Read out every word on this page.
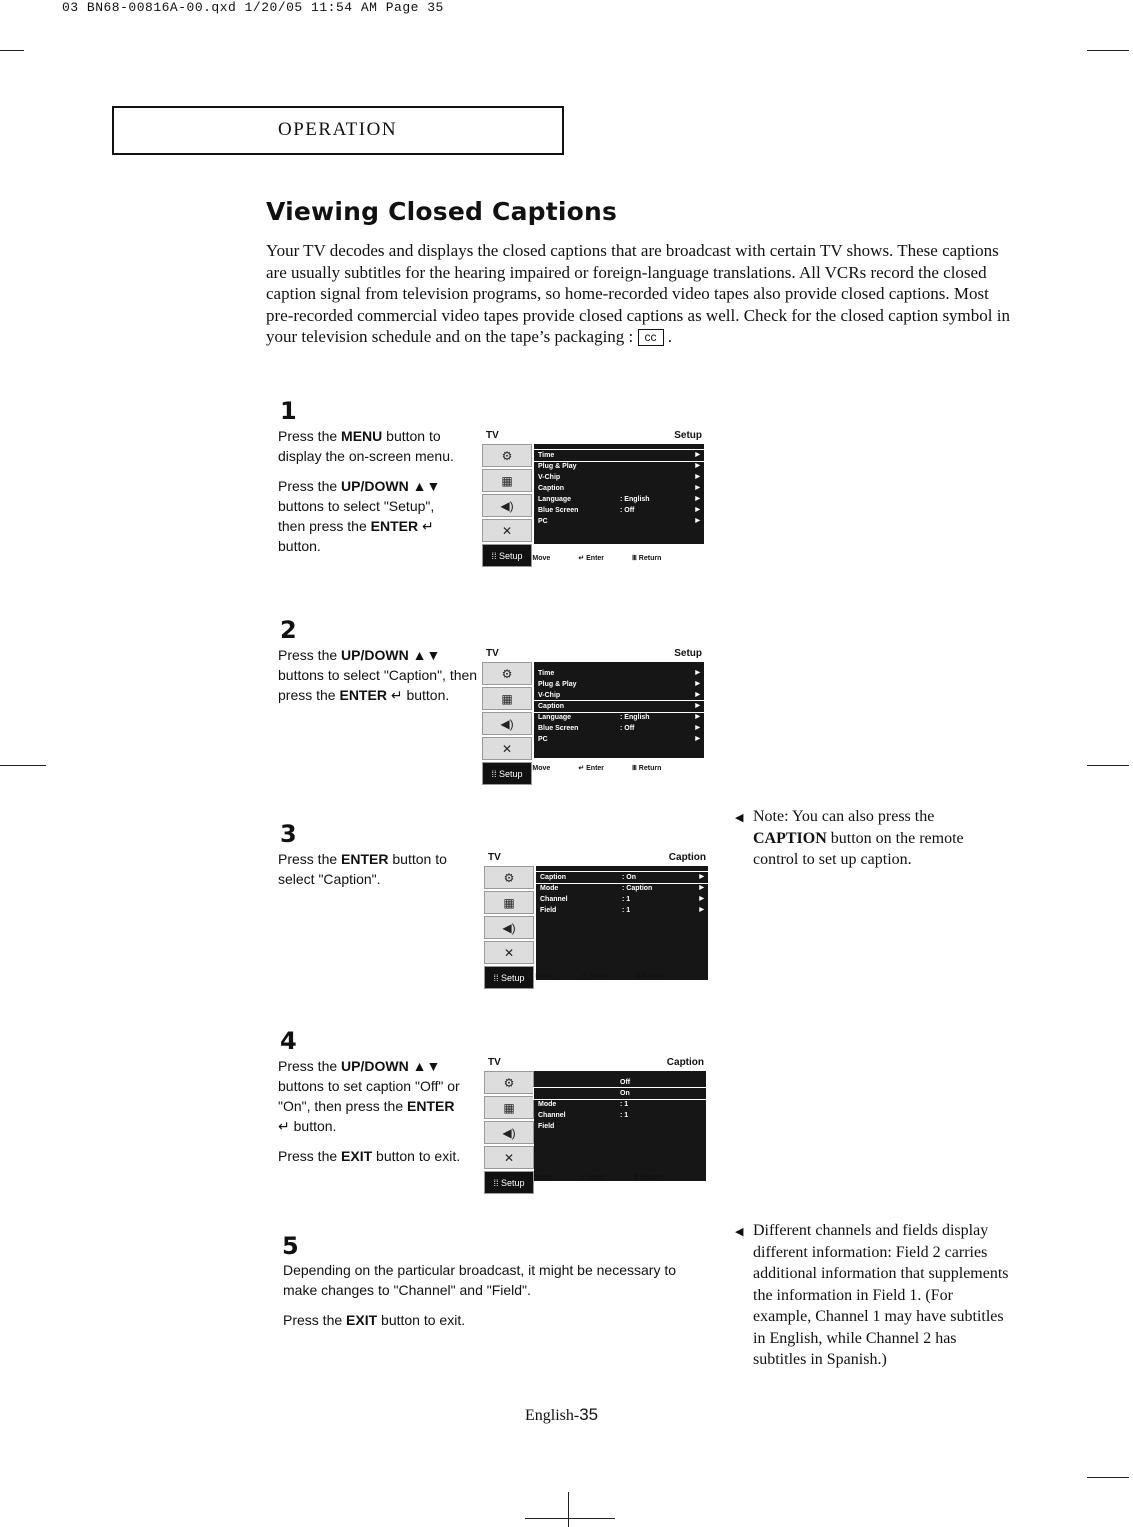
03 BN68-00816A-00.qxd 1/20/05 11:54 AM Page 35
OPERATION
Viewing Closed Captions
Your TV decodes and displays the closed captions that are broadcast with certain TV shows. These captions are usually subtitles for the hearing impaired or foreign-language translations. All VCRs record the closed caption signal from television programs, so home-recorded video tapes also provide closed captions. Most pre-recorded commercial video tapes provide closed captions as well. Check for the closed caption symbol in your television schedule and on the tape’s packaging : cc .
1

Press the MENU button to display the on-screen menu.

Press the UP/DOWN ▲▼ buttons to select "Setup", then press the ENTER ↵ button.

2

Press the UP/DOWN ▲▼ buttons to select "Caption", then press the ENTER ↵ button.

3

Press the ENTER button to select "Caption".

4

Press the UP/DOWN ▲▼ buttons to set caption "Off" or "On", then press the ENTER ↵ button.

Press the EXIT button to exit.

5

Depending on the particular broadcast, it might be necessary to make changes to "Channel" and "Field".

Press the EXIT button to exit.

TV	Setup
⚙
▦
◀)
✕
⁞⁞ Setup
Time	▶
Plug & Play	▶
V-Chip	▶
Caption	▶
Language	: English	▶
Blue Screen	: Off	▶
PC	▶
⇕ Move	↵ Enter	Ⅲ Return
TV	Setup
⚙
▦
◀)
✕
⁞⁞ Setup
Time	▶
Plug & Play	▶
V-Chip	▶
Caption	▶
Language	: English	▶
Blue Screen	: Off	▶
PC	▶
⇕ Move	↵ Enter	Ⅲ Return
TV	Caption
⚙
▦
◀)
✕
⁞⁞ Setup
Caption	: On	▶
Mode	: Caption	▶
Channel	: 1	▶
Field	: 1	▶
⇕ Move	↵ Enter	Ⅲ Return
TV	Caption
⚙
▦
◀)
✕
⁞⁞ Setup
Off
On
Mode	: 1
Channel	: 1
Field
⇕ Move	↵ Enter	Ⅲ Return
◀ Note: You can also press the CAPTION button on the remote control to set up caption.
◀ Different channels and fields display different information: Field 2 carries additional information that supplements the information in Field 1. (For example, Channel 1 may have subtitles in English, while Channel 2 has subtitles in Spanish.)
English-35
